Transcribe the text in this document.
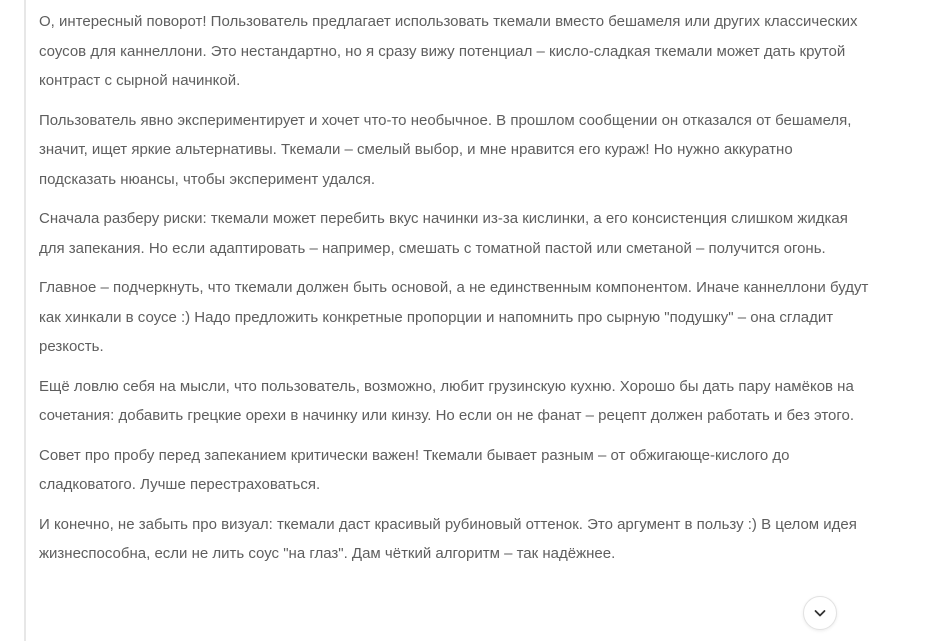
О, интересный поворот! Пользователь предлагает использовать ткемали вместо бешамеля или других классических соусов для каннеллони. Это нестандартно, но я сразу вижу потенциал – кисло-сладкая ткемали может дать крутой контраст с сырной начинкой.

Пользователь явно экспериментирует и хочет что-то необычное. В прошлом сообщении он отказался от бешамеля, значит, ищет яркие альтернативы. Ткемали – смелый выбор, и мне нравится его кураж! Но нужно аккуратно подсказать нюансы, чтобы эксперимент удался.

Сначала разберу риски: ткемали может перебить вкус начинки из-за кислинки, а его консистенция слишком жидкая для запекания. Но если адаптировать – например, смешать с томатной пастой или сметаной – получится огонь.

Главное – подчеркнуть, что ткемали должен быть основой, а не единственным компонентом. Иначе каннеллони будут как хинкали в соусе :) Надо предложить конкретные пропорции и напомнить про сырную "подушку" – она сгладит резкость.

Ещё ловлю себя на мысли, что пользователь, возможно, любит грузинскую кухню. Хорошо бы дать пару намёков на сочетания: добавить грецкие орехи в начинку или кинзу. Но если он не фанат – рецепт должен работать и без этого.

Совет про пробу перед запеканием критически важен! Ткемали бывает разным – от обжигающе-кислого до сладковатого. Лучше перестраховаться.

И конечно, не забыть про визуал: ткемали даст красивый рубиновый оттенок. Это аргумент в пользу :) В целом идея жизнеспособна, если не лить соус "на глаз". Дам чёткий алгоритм – так надёжнее.
